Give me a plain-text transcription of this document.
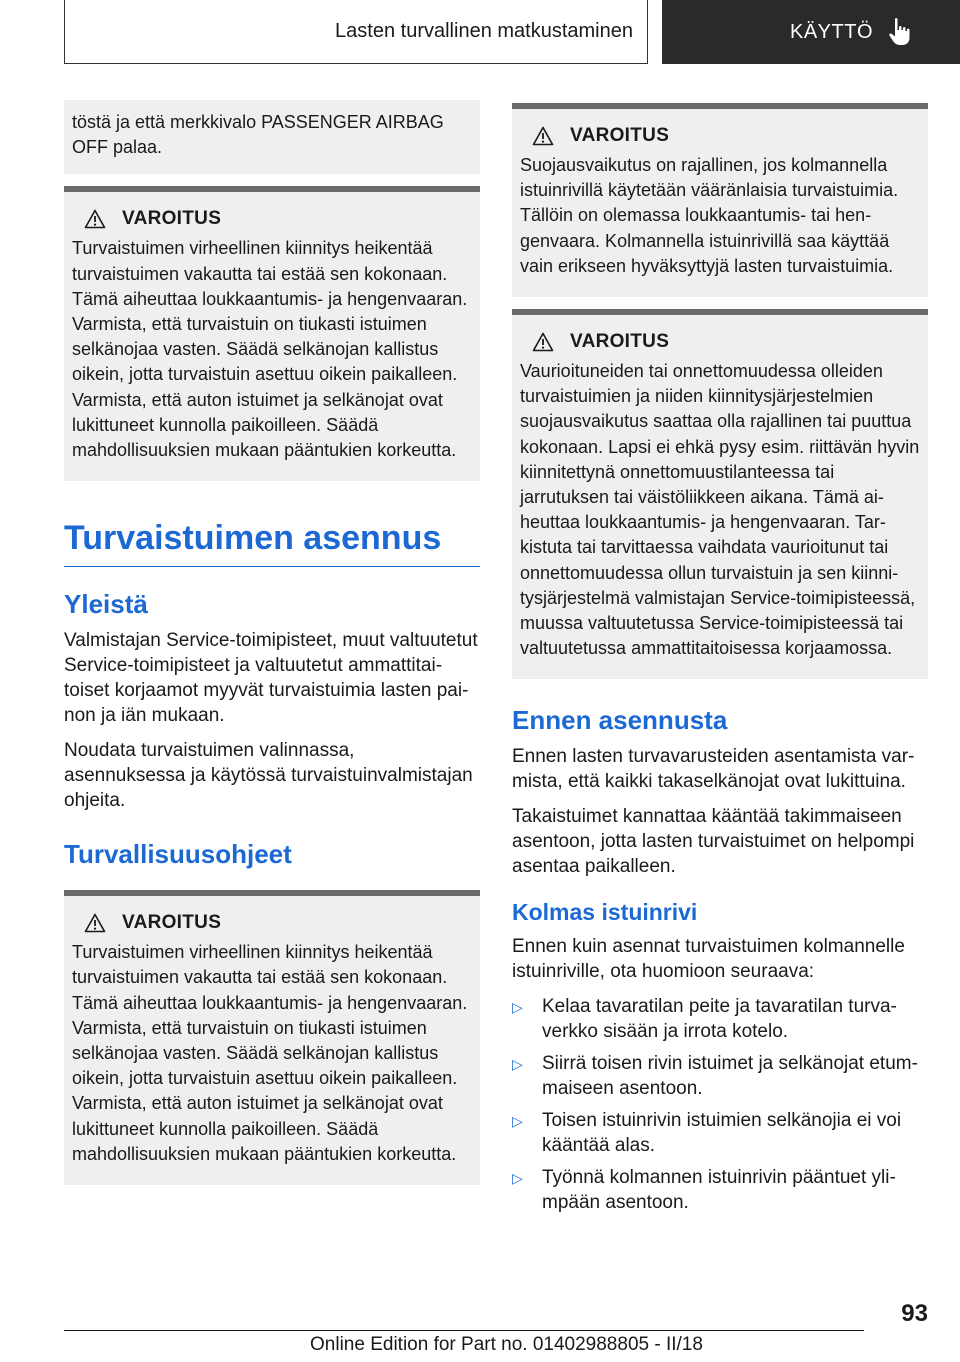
Lasten turvallinen matkustaminen	KÄYTTÖ
töstä ja että merkkivalo PASSENGER AIRBAG OFF palaa.
VAROITUS

Turvaistuimen virheellinen kiinnitys heikentää turvaistuimen vakautta tai estää sen kokonaan. Tämä aiheuttaa loukkaantumis- ja hengenvaaran. Varmista, että turvaistuin on tiukasti istuimen selkänojaa vasten. Säädä selkänojan kallistus oikein, jotta turvaistuin asettuu oikein paikalleen. Varmista, että auton istuimet ja selkänojat ovat lukittuneet kunnolla paikoilleen. Säädä mahdollisuuksien mukaan pääntukien korkeutta.

Turvaistuimen asennus
Yleistä

Valmistajan Service-toimipisteet, muut valtuutetut Service-toimipisteet ja valtuutetut ammattitaitoiset korjaamot myyvät turvaistuimia lasten painon ja iän mukaan.

Noudata turvaistuimen valinnassa, asennuksessa ja käytössä turvaistuinvalmistajan ohjeita.

Turvallisuusohjeet
VAROITUS

Turvaistuimen virheellinen kiinnitys heikentää turvaistuimen vakautta tai estää sen kokonaan. Tämä aiheuttaa loukkaantumis- ja hengenvaaran. Varmista, että turvaistuin on tiukasti istuimen selkänojaa vasten. Säädä selkänojan kallistus oikein, jotta turvaistuin asettuu oikein paikalleen. Varmista, että auton istuimet ja selkänojat ovat lukittuneet kunnolla paikoilleen. Säädä mahdollisuuksien mukaan pääntukien korkeutta.

VAROITUS

Suojausvaikutus on rajallinen, jos kolmannella istuinrivillä käytetään vääränlaisia turvaistuimia. Tällöin on olemassa loukkaantumis- tai hengenvaara. Kolmannella istuinrivillä saa käyttää vain erikseen hyväksyttyjä lasten turvaistuimia.

VAROITUS

Vaurioituneiden tai onnettomuudessa olleiden turvaistuimien ja niiden kiinnitysjärjestelmien suojausvaikutus saattaa olla rajallinen tai puuttua kokonaan. Lapsi ei ehkä pysy esim. riittävän hyvin kiinnitettynä onnettomuustilanteessa tai jarrutuksen tai väistöliikkeen aikana. Tämä aiheuttaa loukkaantumis- ja hengenvaaran. Tarkistuta tai tarvittaessa vaihdata vaurioitunut tai onnettomuudessa ollun turvaistuin ja sen kiinnitysjärjestelmä valmistajan Service-toimipisteessä, muussa valtuutetussa Service-toimipisteessä tai valtuutetussa ammattitaitoisessa korjaamossa.

Ennen asennusta

Ennen lasten turvavarusteiden asentamista varmista, että kaikki takaselkänojat ovat lukittuina.

Takaistuimet kannattaa kääntää takimmaiseen asentoon, jotta lasten turvaistuimet on helpompi asentaa paikalleen.

Kolmas istuinrivi

Ennen kuin asennat turvaistuimen kolmannelle istuinriville, ota huomioon seuraava:

▷ Kelaa tavaratilan peite ja tavaratilan turvaverkko sisään ja irrota kotelo.
▷ Siirrä toisen rivin istuimet ja selkänojat etummaiseen asentoon.
▷ Toisen istuinrivin istuimien selkänojia ei voi kääntää alas.
▷ Työnnä kolmannen istuinrivin pääntuet ylimpään asentoon.
93
Online Edition for Part no. 01402988805 - II/18
